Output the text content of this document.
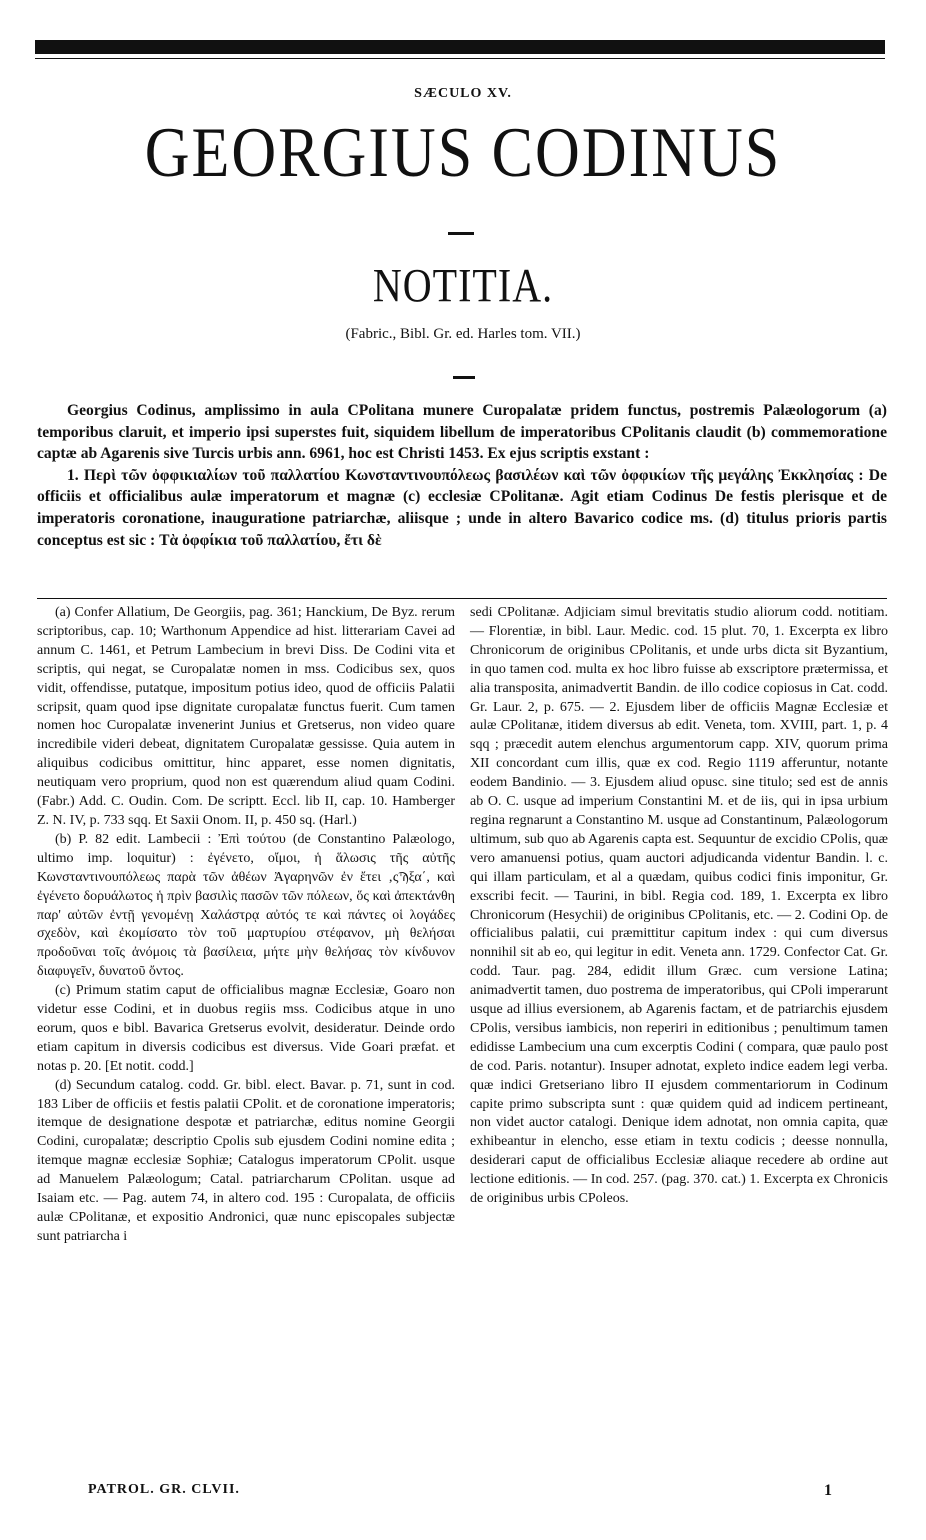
SÆCULO XV.
GEORGIUS CODINUS
NOTITIA.
(Fabric., Bibl. Gr. ed. Harles tom. VII.)

Georgius Codinus, amplissimo in aula CPolitana munere Curopalatæ pridem functus, postremis Palæologorum (a) temporibus claruit, et imperio ipsi superstes fuit, siquidem libellum de imperatoribus CPolitanis claudit (b) commemoratione captæ ab Agarenis sive Turcis urbis ann. 6961, hoc est Christi 1453. Ex ejus scriptis exstant :

1. Περὶ τῶν ὀφφικιαλίων τοῦ παλλατίου Κωνσταντινουπόλεως βασιλέων καὶ τῶν ὀφφικίων τῆς μεγάλης Ἐκκλησίας : De officiis et officialibus aulæ imperatorum et magnæ (c) ecclesiæ CPolitanæ. Agit etiam Codinus De festis plerisque et de imperatoris coronatione, inauguratione patriarchæ, aliisque ; unde in altero Bavarico codice ms. (d) titulus prioris partis conceptus est sic : Τὰ ὀφφίκια τοῦ παλλατίου, ἔτι δὲ

(a) Confer Allatium, De Georgiis, pag. 361; Hanckium, De Byz. rerum scriptoribus, cap. 10; Warthonum Appendice ad hist. litterariam Cavei ad annum C. 1461, et Petrum Lambecium in brevi Diss. De Codini vita et scriptis, qui negat, se Curopalatæ nomen in mss. Codicibus sex, quos vidit, offendisse, putatque, impositum potius ideo, quod de officiis Palatii scripsit, quam quod ipse dignitate curopalatæ functus fuerit. Cum tamen nomen hoc Curopalatæ invenerint Junius et Gretserus, non video quare incredibile videri debeat, dignitatem Curopalatæ gessisse. Quia autem in aliquibus codicibus omittitur, hinc apparet, esse nomen dignitatis, neutiquam vero proprium, quod non est quærendum aliud quam Codini. (Fabr.) Add. C. Oudin. Com. De scriptt. Eccl. lib II, cap. 10. Hamberger Z. N. IV, p. 733 sqq. Et Saxii Onom. II, p. 450 sq. (Harl.)

(b) P. 82 edit. Lambecii : Ἐπὶ τούτου (de Constantino Palæologo, ultimo imp. loquitur) : ἐγένετο, οἴμοι, ἡ ἅλωσις τῆς αὐτῆς Κωνσταντινουπόλεως παρὰ τῶν ἀθέων Ἀγαρηνῶν ἐν ἔτει ‚ςϠξα΄, καὶ ἐγένετο δορυάλωτος ἡ πρὶν βασιλὶς πασῶν τῶν πόλεων, ὅς καὶ ἀπεκτάνθη παρ' αὐτῶν ἐντῇ γενομένῃ Χαλάστρᾳ αὐτός τε καὶ πάντες οἱ λογάδες σχεδὸν, καὶ ἐκομίσατο τὸν τοῦ μαρτυρίου στέφανον, μὴ θελήσαι προδοῦναι τοῖς ἀνόμοις τὰ βασίλεια, μήτε μὴν θελήσας τὸν κίνδυνον διαφυγεῖν, δυνατοῦ ὄντος.

(c) Primum statim caput de officialibus magnæ Ecclesiæ, Goaro non videtur esse Codini, et in duobus regiis mss. Codicibus atque in uno eorum, quos e bibl. Bavarica Gretserus evolvit, desideratur. Deinde ordo etiam capitum in diversis codicibus est diversus. Vide Goari præfat. et notas p. 20. [Et notit. codd.]

(d) Secundum catalog. codd. Gr. bibl. elect. Bavar. p. 71, sunt in cod. 183 Liber de officiis et festis palatii CPolit. et de coronatione imperatoris; itemque de designatione despotæ et patriarchæ, editus nomine Georgii Codini, curopalatæ; descriptio Cpolis sub ejusdem Codini nomine edita ; itemque magnæ ecclesiæ Sophiæ; Catalogus imperatorum CPolit. usque ad Manuelem Palæologum; Catal. patriarcharum CPolitan. usque ad Isaiam etc. — Pag. autem 74, in altero cod. 195 : Curopalata, de officiis aulæ CPolitanæ, et expositio Andronici, quæ nunc episcopales subjectæ sunt patriarcha i

sedi CPolitanæ. Adjiciam simul brevitatis studio aliorum codd. notitiam. — Florentiæ, in bibl. Laur. Medic. cod. 15 plut. 70, 1. Excerpta ex libro Chronicorum de originibus CPolitanis, et unde urbs dicta sit Byzantium, in quo tamen cod. multa ex hoc libro fuisse ab exscriptore prætermissa, et alia transposita, animadvertit Bandin. de illo codice copiosus in Cat. codd. Gr. Laur. 2, p. 675. — 2. Ejusdem liber de officiis Magnæ Ecclesiæ et aulæ CPolitanæ, itidem diversus ab edit. Veneta, tom. XVIII, part. 1, p. 4 sqq ; præcedit autem elenchus argumentorum capp. XIV, quorum prima XII concordant cum illis, quæ ex cod. Regio 1119 afferuntur, notante eodem Bandinio. — 3. Ejusdem aliud opusc. sine titulo; sed est de annis ab O. C. usque ad imperium Constantini M. et de iis, qui in ipsa urbium regina regnarunt a Constantino M. usque ad Constantinum, Palæologorum ultimum, sub quo ab Agarenis capta est. Sequuntur de excidio CPolis, quæ vero amanuensi potius, quam auctori adjudicanda videntur Bandin. l. c. qui illam particulam, et al a quædam, quibus codici finis imponitur, Gr. exscribi fecit. — Taurini, in bibl. Regia cod. 189, 1. Excerpta ex libro Chronicorum (Hesychii) de originibus CPolitanis, etc. — 2. Codini Op. de officialibus palatii, cui præmittitur capitum index : qui cum diversus nonnihil sit ab eo, qui legitur in edit. Veneta ann. 1729. Confector Cat. Gr. codd. Taur. pag. 284, edidit illum Græc. cum versione Latina; animadvertit tamen, duo postrema de imperatoribus, qui CPoli imperarunt usque ad illius eversionem, ab Agarenis factam, et de patriarchis ejusdem CPolis, versibus iambicis, non reperiri in editionibus ; penultimum tamen edidisse Lambecium una cum excerptis Codini ( compara, quæ paulo post de cod. Paris. notantur). Insuper adnotat, expleto indice eadem legi verba. quæ indici Gretseriano libro II ejusdem commentariorum in Codinum capite primo subscripta sunt : quæ quidem quid ad indicem pertineant, non videt auctor catalogi. Denique idem adnotat, non omnia capita, quæ exhibeantur in elencho, esse etiam in textu codicis ; deesse nonnulla, desiderari caput de officialibus Ecclesiæ aliaque recedere ab ordine aut lectione editionis. — In cod. 257. (pag. 370. cat.) 1. Excerpta ex Chronicis de originibus urbis CPoleos.

PATROL. GR. CLVII.	1
